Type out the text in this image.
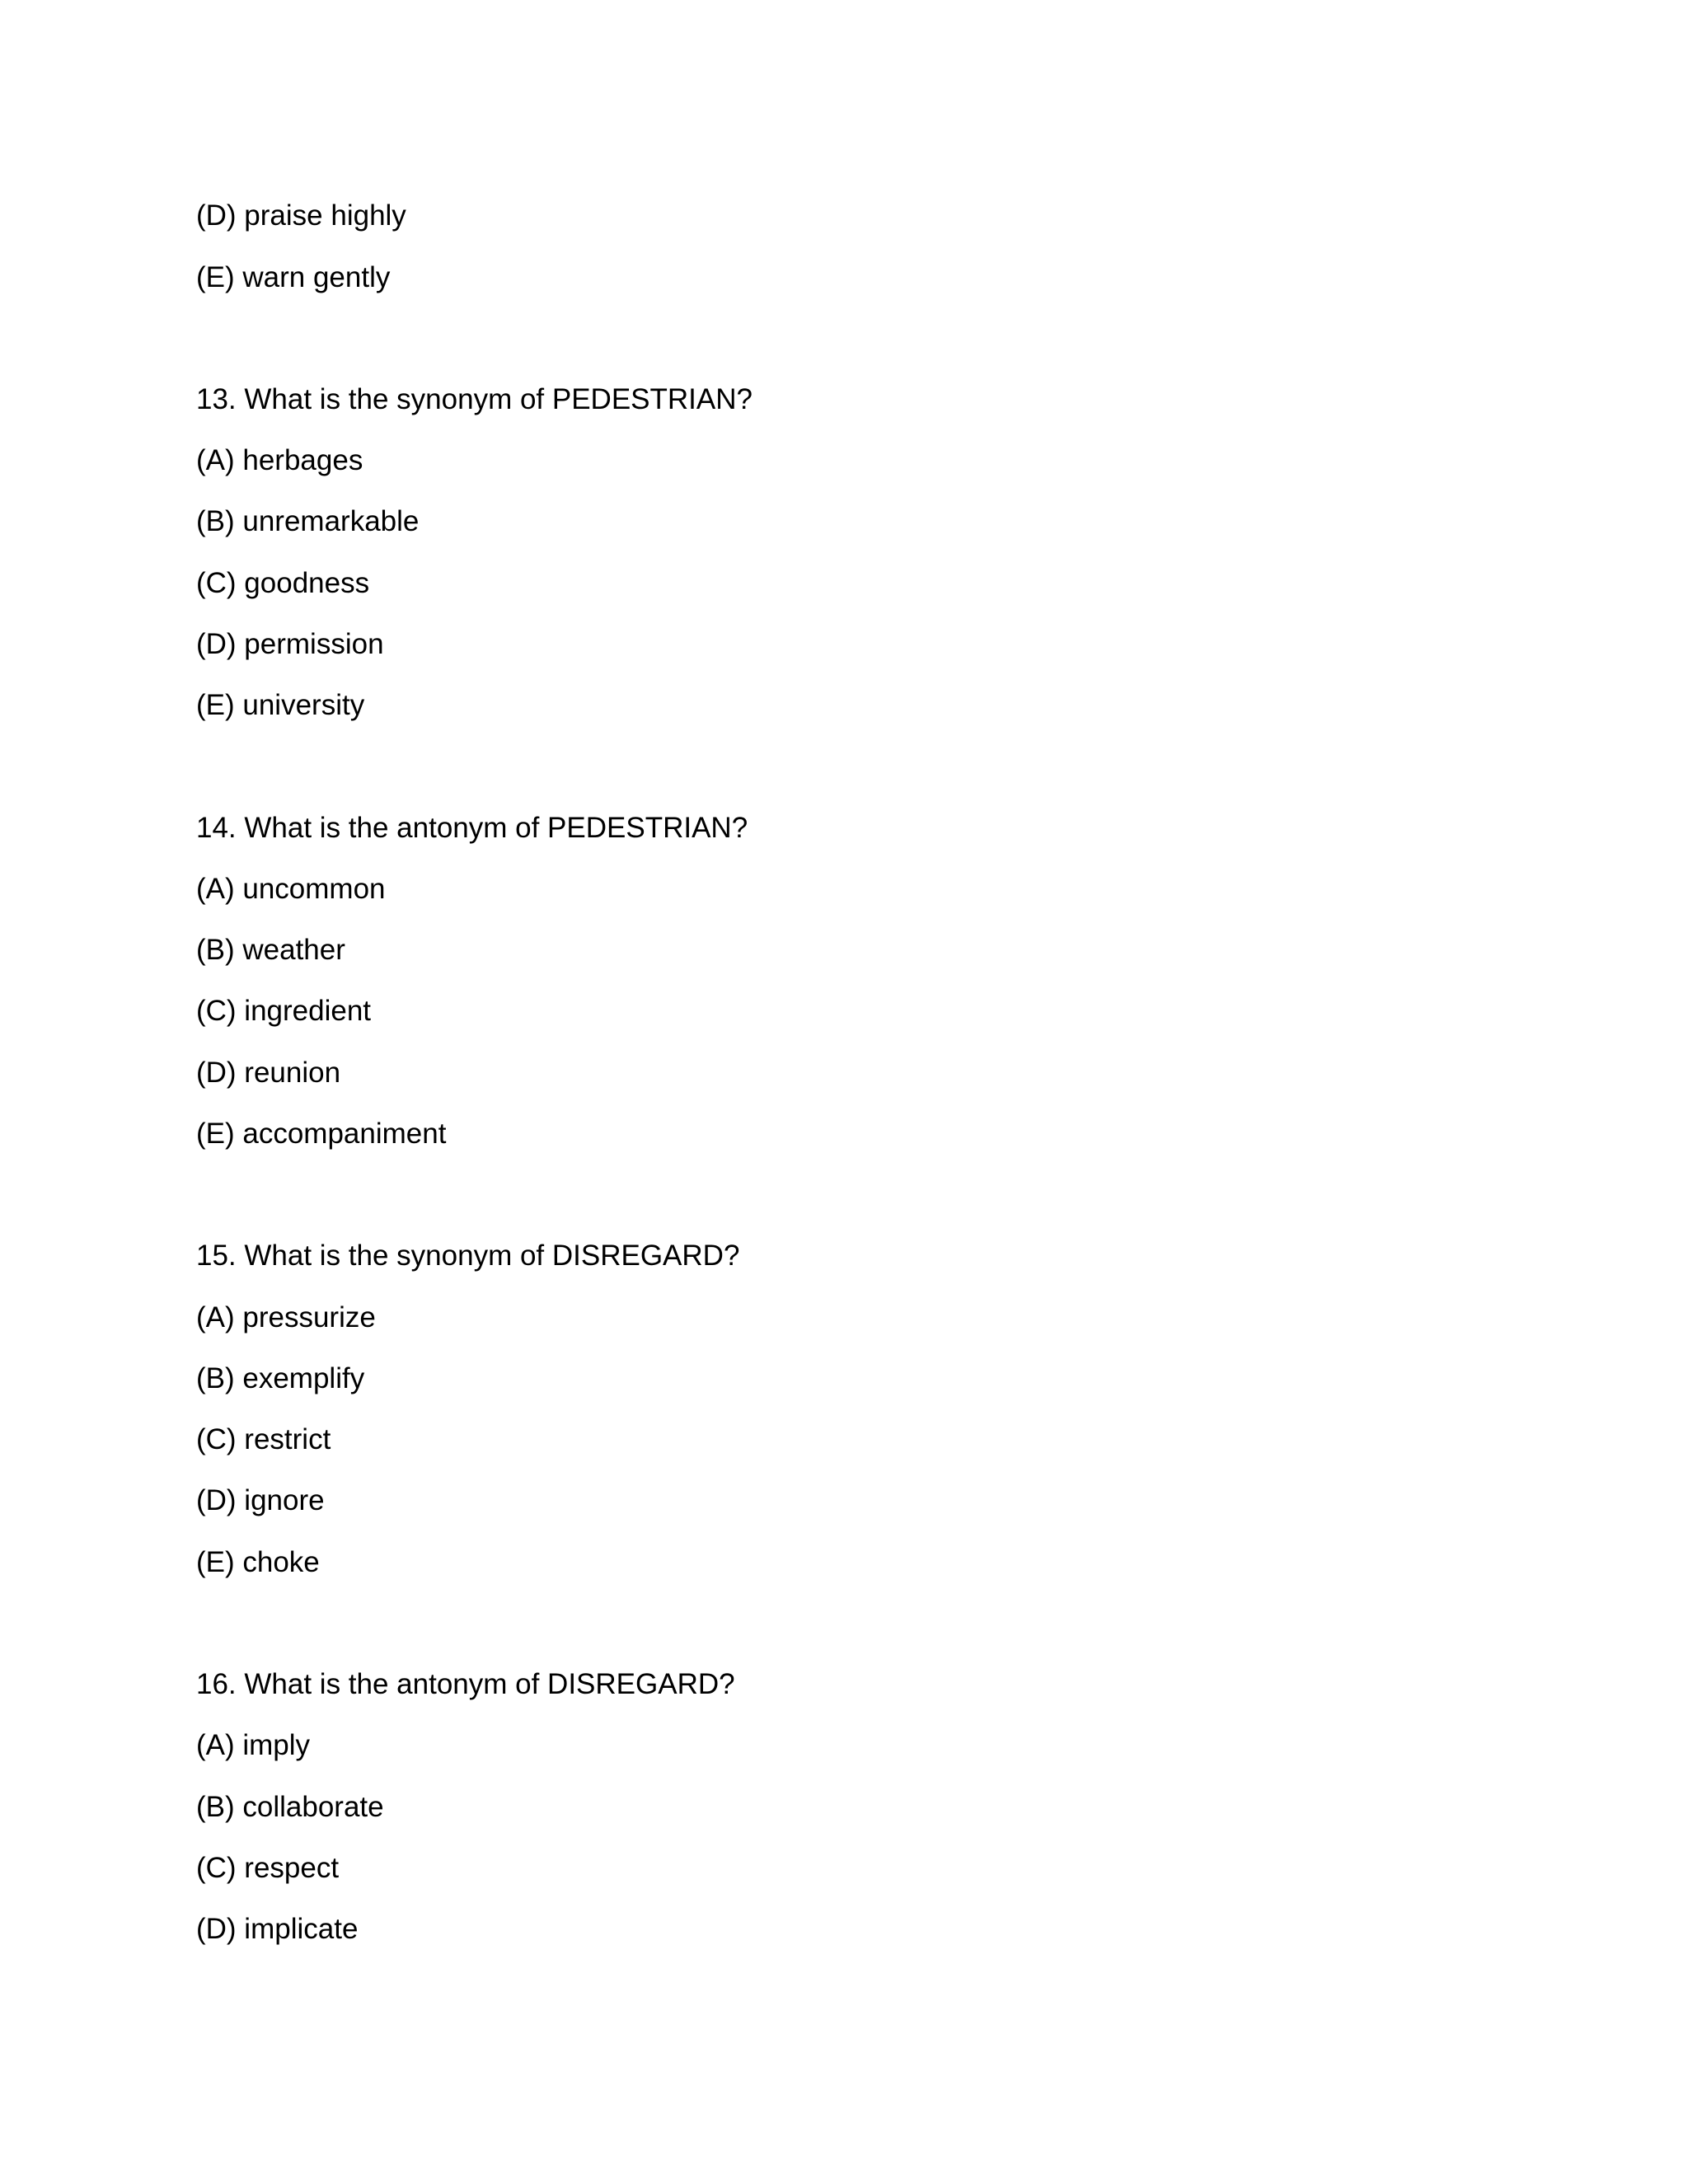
(D) praise highly
(E) warn gently
13. What is the synonym of PEDESTRIAN?
(A) herbages
(B) unremarkable
(C) goodness
(D) permission
(E) university
14. What is the antonym of PEDESTRIAN?
(A) uncommon
(B) weather
(C) ingredient
(D) reunion
(E) accompaniment
15. What is the synonym of DISREGARD?
(A) pressurize
(B) exemplify
(C) restrict
(D) ignore
(E) choke
16. What is the antonym of DISREGARD?
(A) imply
(B) collaborate
(C) respect
(D) implicate
